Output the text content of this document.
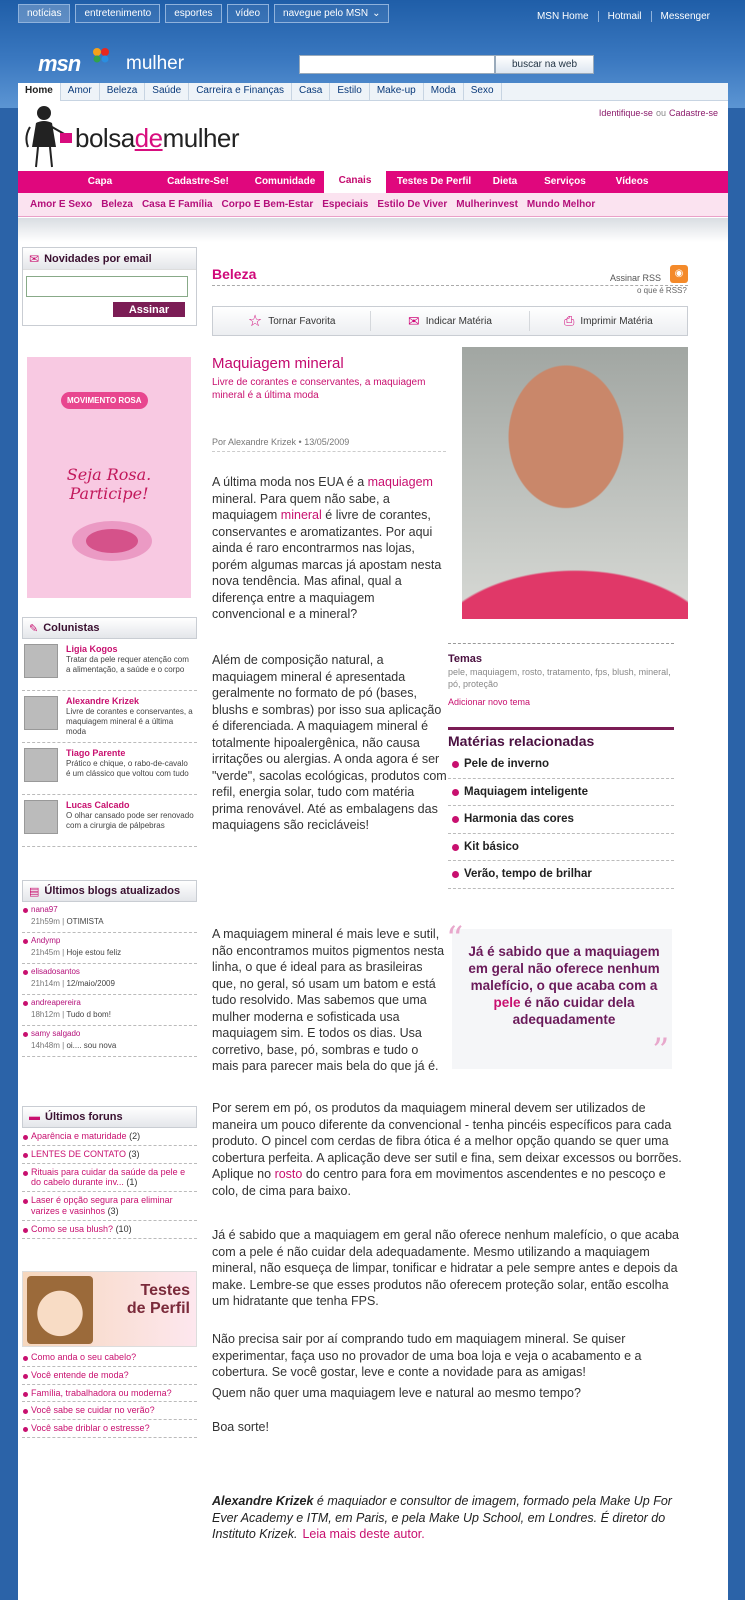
notícias	entretenimento	esportes	vídeo	navegue pelo MSN ⌄	MSN Home	Hotmail	Messenger
msn mulher	buscar na web
Home	Amor	Beleza	Saúde	Carreira e Finanças	Casa	Estilo	Make-up	Moda	Sexo
bolsademulher
Identifique-se ou Cadastre-se
Capa	Cadastre-Se!	Comunidade	Canais	Testes De Perfil	Dieta	Serviços	Vídeos
Amor E Sexo Beleza Casa E Família Corpo E Bem-Estar Especiais Estilo De Viver Mulherinvest Mundo Melhor
✉ Novidades por email
Assinar
MOVIMENTO ROSA
Seja Rosa. Participe!
✎ Colunistas
Ligia Kogos
Tratar da pele requer atenção com a alimentação, a saúde e o corpo
Alexandre Krizek
Livre de corantes e conservantes, a maquiagem mineral é a última moda
Tiago Parente
Prático e chique, o rabo-de-cavalo é um clássico que voltou com tudo
Lucas Calcado
O olhar cansado pode ser renovado com a cirurgia de pálpebras
▤ Últimos blogs atualizados
nana97
21h59m | OTIMISTA
Andymp
21h45m | Hoje estou feliz
elisadosantos
21h14m | 12/maio/2009
andreapereira
18h12m | Tudo d bom!
samy salgado
14h48m | oi.... sou nova
▬ Últimos foruns
Aparência e maturidade (2)
LENTES DE CONTATO (3)
Rituais para cuidar da saúde da pele e do cabelo durante inv... (1)
Laser é opção segura para eliminar varizes e vasinhos (3)
Como se usa blush? (10)
Testes
de Perfil
Como anda o seu cabelo?
Você entende de moda?
Família, trabalhadora ou moderna?
Você sabe se cuidar no verão?
Você sabe driblar o estresse?
Beleza	Assinar RSS	◉
o que é RSS?
☆ Tornar Favorita	✉ Indicar Matéria	⎙ Imprimir Matéria
Maquiagem mineral
Livre de corantes e conservantes, a maquiagem mineral é a última moda
Por Alexandre Krizek • 13/05/2009
A última moda nos EUA é a maquiagem mineral. Para quem não sabe, a maquiagem mineral é livre de corantes, conservantes e aromatizantes. Por aqui ainda é raro encontrarmos nas lojas, porém algumas marcas já apostam nesta nova tendência. Mas afinal, qual a diferença entre a maquiagem convencional e a mineral?
Além de composição natural, a maquiagem mineral é apresentada geralmente no formato de pó (bases, blushs e sombras) por isso sua aplicação é diferenciada. A maquiagem mineral é totalmente hipoalergênica, não causa irritações ou alergias. A onda agora é ser "verde", sacolas ecológicas, produtos com refil, energia solar, tudo com matéria prima renovável. Até as embalagens das maquiagens são recicláveis!
Temas
pele, maquiagem, rosto, tratamento, fps, blush, mineral, pó, proteção
Adicionar novo tema
Matérias relacionadas
Pele de inverno
Maquiagem inteligente
Harmonia das cores
Kit básico
Verão, tempo de brilhar
“ Já é sabido que a maquiagem em geral não oferece nenhum malefício, o que acaba com a pele é não cuidar dela adequadamente
”
A maquiagem mineral é mais leve e sutil, não encontramos muitos pigmentos nesta linha, o que é ideal para as brasileiras que, no geral, só usam um batom e está tudo resolvido. Mas sabemos que uma mulher moderna e sofisticada usa maquiagem sim. E todos os dias. Usa corretivo, base, pó, sombras e tudo o mais para parecer mais bela do que já é.
Por serem em pó, os produtos da maquiagem mineral devem ser utilizados de maneira um pouco diferente da convencional - tenha pincéis específicos para cada produto. O pincel com cerdas de fibra ótica é a melhor opção quando se quer uma cobertura perfeita. A aplicação deve ser sutil e fina, sem deixar excessos ou borrões. Aplique no rosto do centro para fora em movimentos ascendentes e no pescoço e colo, de cima para baixo.
Já é sabido que a maquiagem em geral não oferece nenhum malefício, o que acaba com a pele é não cuidar dela adequadamente. Mesmo utilizando a maquiagem mineral, não esqueça de limpar, tonificar e hidratar a pele sempre antes e depois da make. Lembre-se que esses produtos não oferecem proteção solar, então escolha um hidratante que tenha FPS.
Não precisa sair por aí comprando tudo em maquiagem mineral. Se quiser experimentar, faça uso no provador de uma boa loja e veja o acabamento e a cobertura. Se você gostar, leve e conte a novidade para as amigas!
Quem não quer uma maquiagem leve e natural ao mesmo tempo?
Boa sorte!
Alexandre Krizek é maquiador e consultor de imagem, formado pela Make Up For Ever Academy e ITM, em Paris, e pela Make Up School, em Londres. É diretor do Instituto Krizek. Leia mais deste autor.
